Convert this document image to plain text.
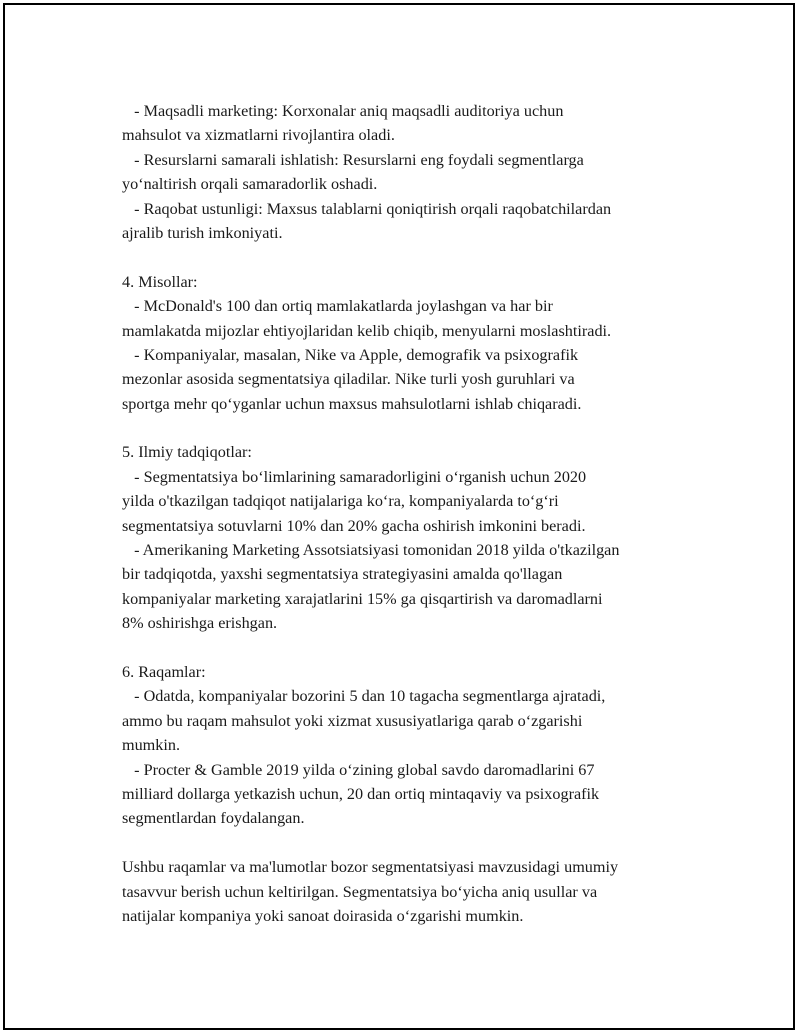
- Maqsadli marketing: Korxonalar aniq maqsadli auditoriya uchun
mahsulot va xizmatlarni rivojlantira oladi.
- Resurslarni samarali ishlatish: Resurslarni eng foydali segmentlarga
yo‘naltirish orqali samaradorlik oshadi.
- Raqobat ustunligi: Maxsus talablarni qoniqtirish orqali raqobatchilardan
ajralib turish imkoniyati.
4. Misollar:
- McDonald's 100 dan ortiq mamlakatlarda joylashgan va har bir
mamlakatda mijozlar ehtiyojlaridan kelib chiqib, menyularni moslashtiradi.
- Kompaniyalar, masalan, Nike va Apple, demografik va psixografik
mezonlar asosida segmentatsiya qiladilar. Nike turli yosh guruhlari va
sportga mehr qo‘yganlar uchun maxsus mahsulotlarni ishlab chiqaradi.
5. Ilmiy tadqiqotlar:
- Segmentatsiya bo‘limlarining samaradorligini o‘rganish uchun 2020
yilda o'tkazilgan tadqiqot natijalariga ko‘ra, kompaniyalarda to‘g‘ri
segmentatsiya sotuvlarni 10% dan 20% gacha oshirish imkonini beradi.
- Amerikaning Marketing Assotsiatsiyasi tomonidan 2018 yilda o'tkazilgan
bir tadqiqotda, yaxshi segmentatsiya strategiyasini amalda qo'llagan
kompaniyalar marketing xarajatlarini 15% ga qisqartirish va daromadlarni
8% oshirishga erishgan.
6. Raqamlar:
- Odatda, kompaniyalar bozorini 5 dan 10 tagacha segmentlarga ajratadi,
ammo bu raqam mahsulot yoki xizmat xususiyatlariga qarab o‘zgarishi
mumkin.
- Procter & Gamble 2019 yilda o‘zining global savdo daromadlarini 67
milliard dollarga yetkazish uchun, 20 dan ortiq mintaqaviy va psixografik
segmentlardan foydalangan.
Ushbu raqamlar va ma'lumotlar bozor segmentatsiyasi mavzusidagi umumiy
tasavvur berish uchun keltirilgan. Segmentatsiya bo‘yicha aniq usullar va
natijalar kompaniya yoki sanoat doirasida o‘zgarishi mumkin.
